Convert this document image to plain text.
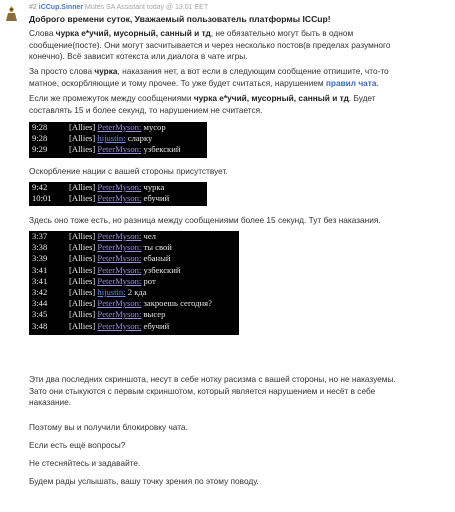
#2 iCCup.Sinner Mutes SA Assistant today @ 13:01 EET
Доброго времени суток, Уважаемый пользователь платформы ICCup!
Слова чурка е*учий, мусорный, санный и тд, не обязательно могут быть в одном
сообщение(посте). Они могут засчитывается и через несколько постов(в пределах разумного
конечно). Всё зависит котекста или диалога в чате игры.
За просто слова чурка, наказания нет, а вот если в следующим сообщение отпишите, что-то
матное, оскорбляющие и тому прочее. То уже будет считаться, нарушением правил чата.
Если же промежуток между сообщениями чурка е*учий, мусорный, санный и тд. Будет
составлять 15 и более секунд, то нарушением не считается.
9:28	[Allies] PeterMyson: мусор
9:28	[Allies] hijustin: сларку
9:29	[Allies] PeterMyson: узбекский
Оскорбление нации с вашей стороны присутствует.
9:42	[Allies] PeterMyson: чурка
10:01 [Allies] PeterMyson: ебучий
Здесь оно тоже есть, но разница между сообщениями более 15 секунд. Тут без наказания.
3:37	[Allies] PeterMyson: чел
3:38	[Allies] PeterMyson: ты свой
3:39	[Allies] PeterMyson: ебаный
3:41	[Allies] PeterMyson: узбекский
3:41	[Allies] PeterMyson: рот
3:42	[Allies] hijustin: 2 кда
3:44	[Allies] PeterMyson: закроешь сегодня?
3:45	[Allies] PeterMyson: высер
3:48	[Allies] PeterMyson: ебучий
Эти два последних скриншота, несут в себе нотку расизма с вашей стороны, но не наказуемы.
Зато они стыкуются с первым скриншотом, который является нарушением и несёт в себе
наказание.
Поэтому вы и получили блокировку чата.
Если есть ещё вопросы?
Не стесняйтесь и задавайте.
Будем рады услышать, вашу точку зрения по этому поводу.
